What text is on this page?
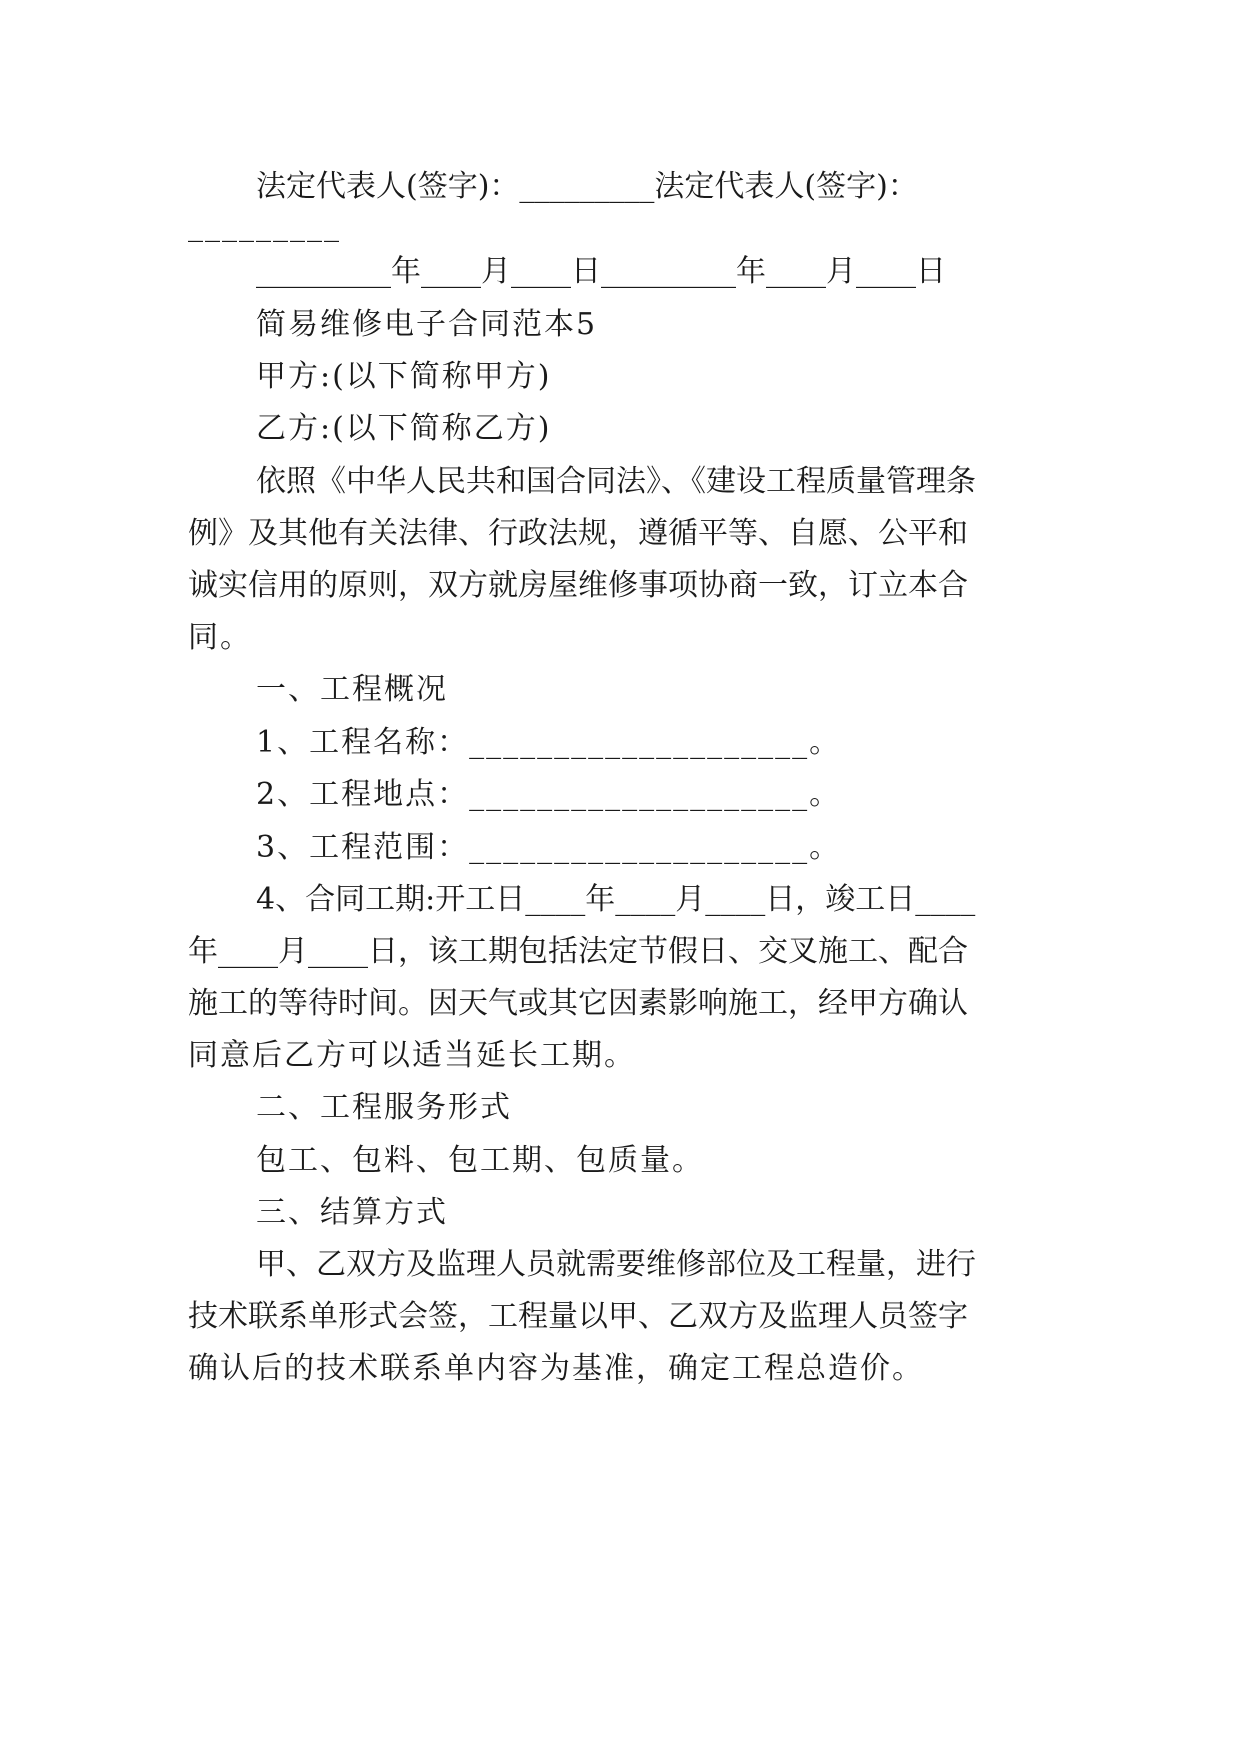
法定代表人(签字)：_________法定代表人(签字)：
_________
_________年____月____日_________年____月____日
简易维修电子合同范本5
甲方:(以下简称甲方)
乙方:(以下简称乙方)
依照《中华人民共和国合同法》、《建设工程质量管理条
例》及其他有关法律、行政法规，遵循平等、自愿、公平和
诚实信用的原则，双方就房屋维修事项协商一致，订立本合
同。
一、工程概况
1、工程名称：____________________。
2、工程地点：____________________。
3、工程范围：____________________。
4、合同工期:开工日____年____月____日，竣工日____
年____月____日，该工期包括法定节假日、交叉施工、配合
施工的等待时间。因天气或其它因素影响施工，经甲方确认
同意后乙方可以适当延长工期。
二、工程服务形式
包工、包料、包工期、包质量。
三、结算方式
甲、乙双方及监理人员就需要维修部位及工程量，进行
技术联系单形式会签，工程量以甲、乙双方及监理人员签字
确认后的技术联系单内容为基准，确定工程总造价。
